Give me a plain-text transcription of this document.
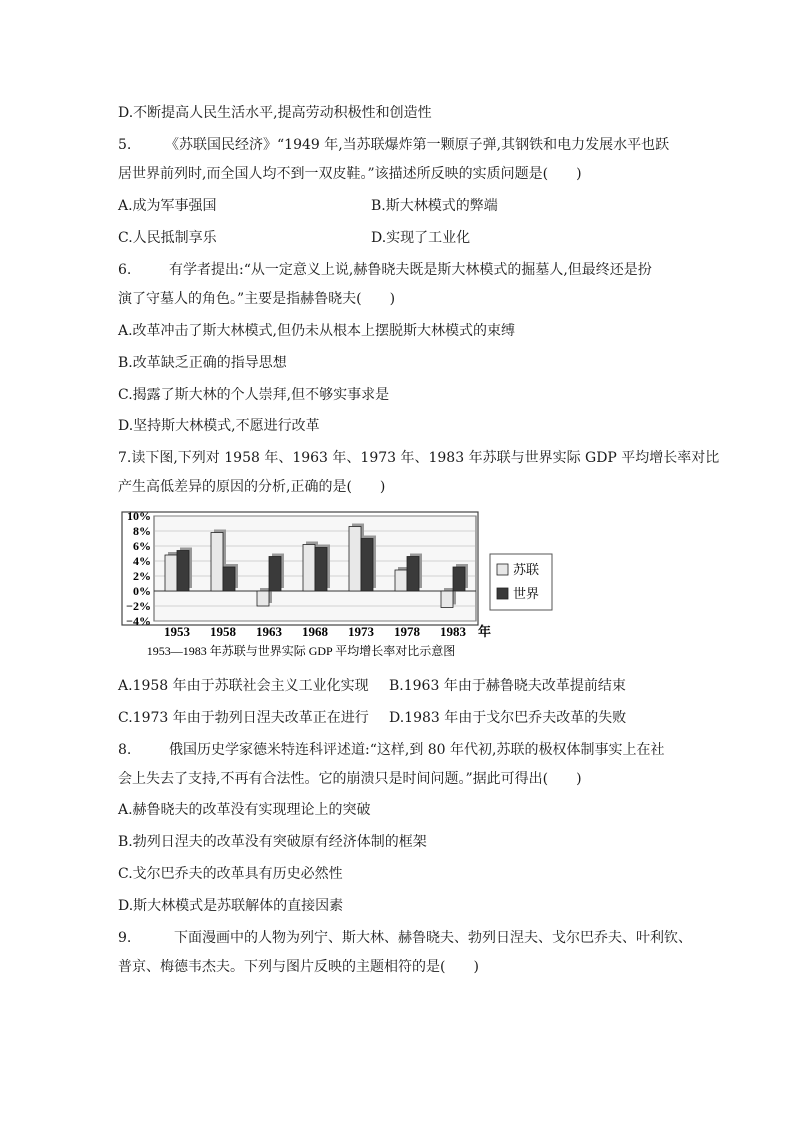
D.不断提高人民生活水平,提高劳动积极性和创造性
5. 《苏联国民经济》“1949 年,当苏联爆炸第一颗原子弹,其钢铁和电力发展水平也跃
居世界前列时,而全国人均不到一双皮鞋。”该描述所反映的实质问题是(　　)
A.成为军事强国	B.斯大林模式的弊端
C.人民抵制享乐	D.实现了工业化
6.	有学者提出:“从一定意义上说,赫鲁晓夫既是斯大林模式的掘墓人,但最终还是扮
演了守墓人的角色。”主要是指赫鲁晓夫(　　)
A.改革冲击了斯大林模式,但仍未从根本上摆脱斯大林模式的束缚
B.改革缺乏正确的指导思想
C.揭露了斯大林的个人崇拜,但不够实事求是
D.坚持斯大林模式,不愿进行改革
7.读下图,下列对 1958 年、1963 年、1973 年、1983 年苏联与世界实际 GDP 平均增长率对比
产生高低差异的原因的分析,正确的是(　　)
10%
8%
6%
4%
2%
0%
−2%
−4%
1953 1958 1963 1968 1973 1978 1983
苏联
世界
年
1953—1983 年苏联与世界实际 GDP 平均增长率对比示意图
A.1958 年由于苏联社会主义工业化实现 B.1963 年由于赫鲁晓夫改革提前结束
C.1973 年由于勃列日涅夫改革正在进行 D.1983 年由于戈尔巴乔夫改革的失败
8.	俄国历史学家德米特连科评述道:“这样,到 80 年代初,苏联的极权体制事实上在社
会上失去了支持,不再有合法性。它的崩溃只是时间问题。”据此可得出(　　)
A.赫鲁晓夫的改革没有实现理论上的突破
B.勃列日涅夫的改革没有突破原有经济体制的框架
C.戈尔巴乔夫的改革具有历史必然性
D.斯大林模式是苏联解体的直接因素
9.	下面漫画中的人物为列宁、斯大林、赫鲁晓夫、勃列日涅夫、戈尔巴乔夫、叶利钦、
普京、梅德韦杰夫。下列与图片反映的主题相符的是(　　)
